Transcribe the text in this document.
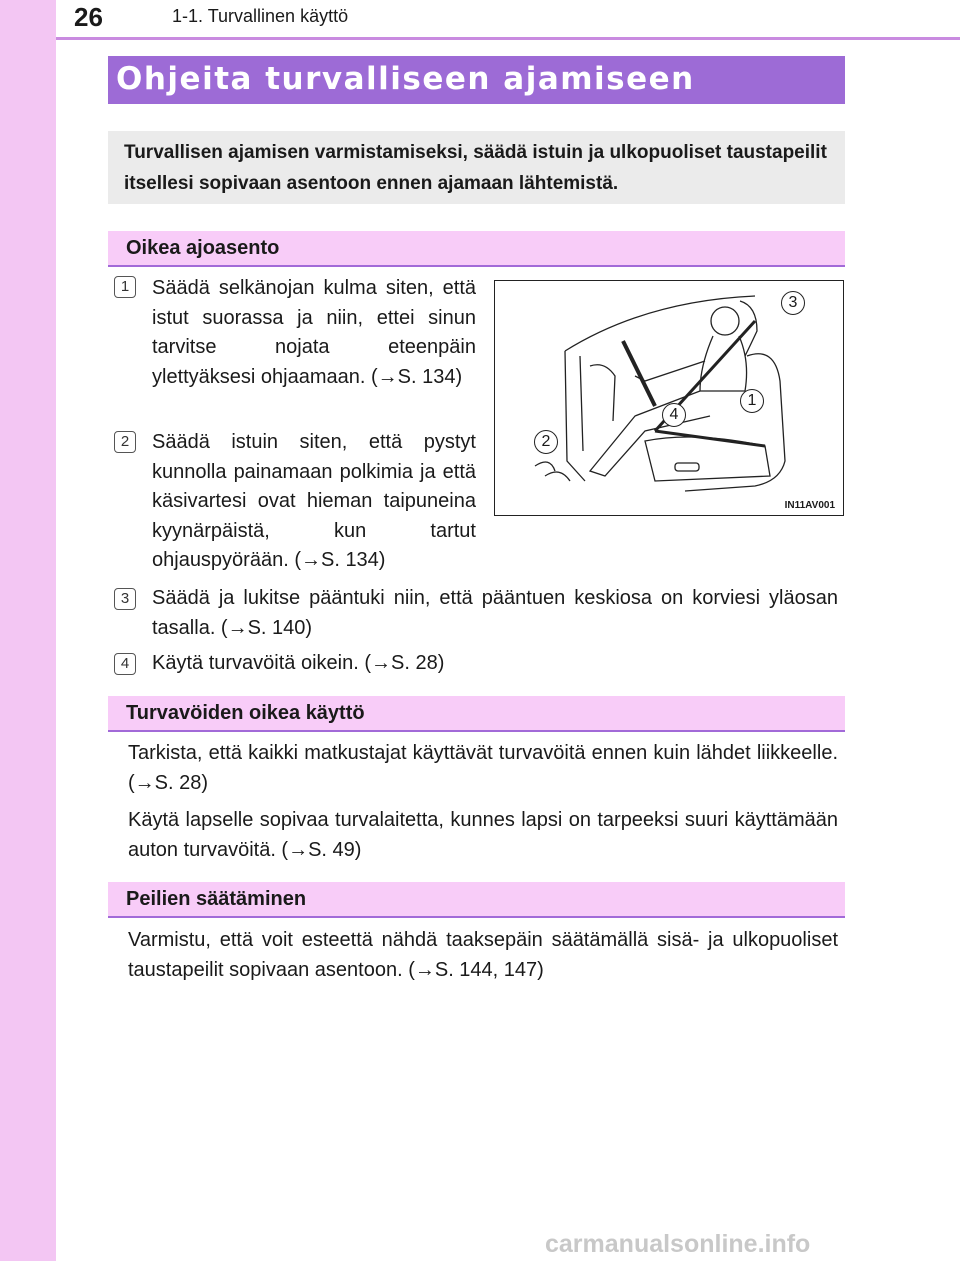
26	1-1. Turvallinen käyttö
Ohjeita turvalliseen ajamiseen
Turvallisen ajamisen varmistamiseksi, säädä istuin ja ulkopuoliset taustapeilit itsellesi sopivaan asentoon ennen ajamaan lähtemistä.
Oikea ajoasento
1	Säädä selkänojan kulma siten, että istut suorassa ja niin, ettei sinun tarvitse nojata eteenpäin ylettyäksesi ohjaamaan. (→S. 134)
2	Säädä istuin siten, että pystyt kunnolla painamaan polkimia ja että käsivartesi ovat hieman taipuneina kyynärpäistä, kun tartut ohjauspyörään. (→S. 134)
3
1
4
2
IN11AV001
3	Säädä ja lukitse pääntuki niin, että pääntuen keskiosa on korviesi yläosan tasalla. (→S. 140)
4	Käytä turvavöitä oikein. (→S. 28)
Turvavöiden oikea käyttö
Tarkista, että kaikki matkustajat käyttävät turvavöitä ennen kuin lähdet liikkeelle. (→S. 28)
Käytä lapselle sopivaa turvalaitetta, kunnes lapsi on tarpeeksi suuri käyttämään auton turvavöitä. (→S. 49)
Peilien säätäminen
Varmistu, että voit esteettä nähdä taaksepäin säätämällä sisä- ja ulkopuoliset taustapeilit sopivaan asentoon. (→S. 144, 147)
carmanualsonline.info
